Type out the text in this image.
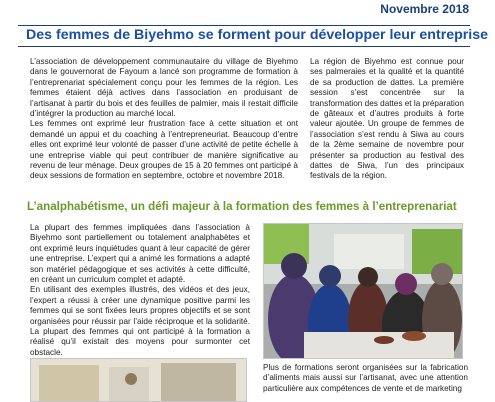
Novembre 2018
Des femmes de Biyehmo se forment pour développer leur entreprise

L’association de développement communautaire du village de Biyehmo dans le gouvernorat de Fayoum a lancé son programme de formation à l’entreprenariat spécialement conçu pour les femmes de la région. Les femmes étaient déjà actives dans l’association en produisant de l’artisanat à partir du bois et des feuilles de palmier, mais il restait difficile d’intégrer la production au marché local.

Les femmes ont exprimé leur frustration face à cette situation et ont demandé un appui et du coaching à l’entrepreneuriat. Beaucoup d’entre elles ont exprimé leur volonté de passer d’une activité de petite échelle à une entreprise viable qui peut contribuer de manière significative au revenu de leur ménage. Deux groupes de 15 à 20 femmes ont participé à deux sessions de formation en septembre, octobre et novembre 2018.

La région de Biyehmo est connue pour ses palmeraies et la qualité et la quantité de sa production de dattes. La première session s’est concentrée sur la transformation des dattes et la préparation de gâteaux et d’autres produits à forte valeur ajoutée. Un groupe de femmes de l’association s’est rendu à Siwa au cours de la 2ème semaine de novembre pour présenter sa production au festival des dattes de Siwa, l’un des principaux festivals de la région.

L’analphabétisme, un défi majeur à la formation des femmes à l’entreprenariat

La plupart des femmes impliquées dans l’association à Biyehmo sont partiellement ou totalement analphabètes et ont exprimé leurs inquiétudes quant à leur capacité de gérer une entreprise. L’expert qui a animé les formations a adapté son matériel pédagogique et ses activités à cette difficulté, en créant un curriculum complet et adapté.

En utilisant des exemples illustrés, des vidéos et des jeux, l’expert a réussi à créer une dynamique positive parmi les femmes qui se sont fixées leurs propres objectifs et se sont organisées pour réussir par l’aide réciproque et la solidarité. La plupart des femmes qui ont participé à la formation a réalisé qu’il existait des moyens pour surmonter cet obstacle.

Plus de formations seront organisées sur la fabrication d’aliments mais aussi sur l’artisanat, avec une attention particulière aux compétences de vente et de marketing
